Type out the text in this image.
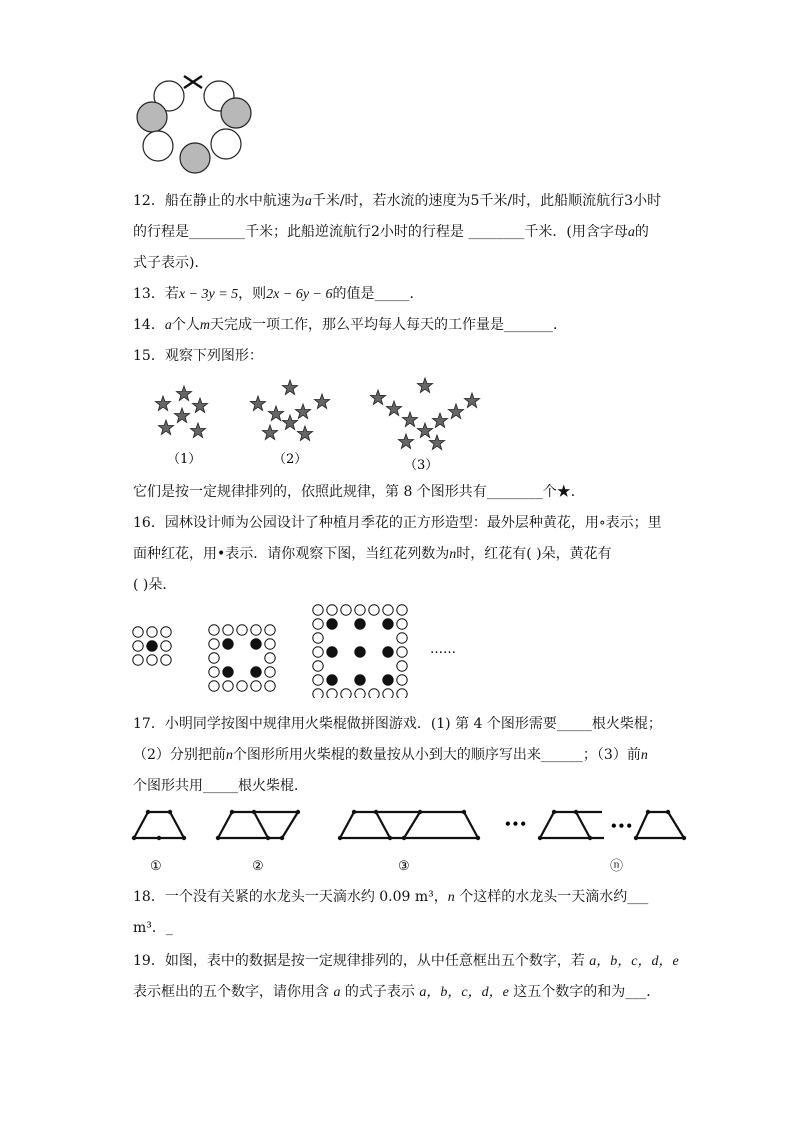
12．船在静止的水中航速为a千米/时，若水流的速度为5千米/时，此船顺流航行3小时
的行程是________千米；此船逆流航行2小时的行程是 ________千米．(用含字母a的
式子表示)．
13．若x − 3y = 5，则2x − 6y − 6的值是_____.
14．a个人m天完成一项工作，那么平均每人每天的工作量是_______．
15．观察下列图形：
（1）	（2）	（3）
它们是按一定规律排列的，依照此规律，第 8 个图形共有________个★．
16．园林设计师为公园设计了种植月季花的正方形造型：最外层种黄花，用∘表示；里
面种红花，用•表示．请你观察下图，当红花列数为n时，红花有( )朵，黄花有
( )朵．
……
17．小明同学按图中规律用火柴棍做拼图游戏．(1) 第 4 个图形需要_____根火柴棍；
（2）分别把前n个图形所用火柴棍的数量按从小到大的顺序写出来______；（3）前n
个图形共用_____根火柴棍．
•••	•••
①	②	③	ⓝ
18．一个没有关紧的水龙头一天滴水约 0.09 m³，n 个这样的水龙头一天滴水约___
m³．_
19．如图，表中的数据是按一定规律排列的，从中任意框出五个数字，若 a，b，c，d，e
表示框出的五个数字，请你用含 a 的式子表示 a，b，c，d，e 这五个数字的和为___．
